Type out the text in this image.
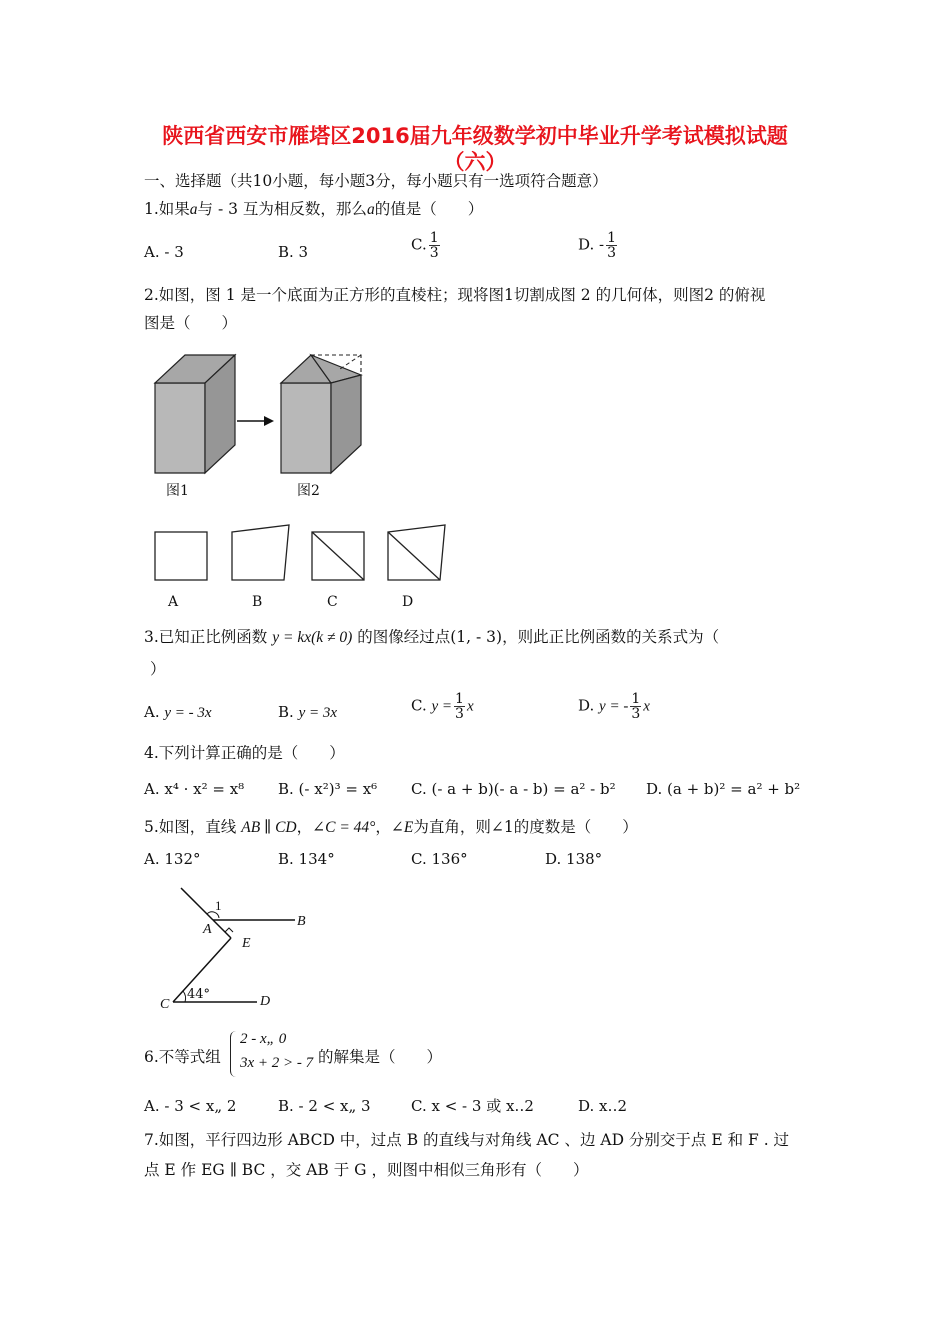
陕西省西安市雁塔区2016届九年级数学初中毕业升学考试模拟试题
（六）
一、选择题（共10小题，每小题3分，每小题只有一选项符合题意）
1.如果a与 - 3 互为相反数，那么a的值是（　　）
A. - 3	B. 3	C. $\frac{1}{3}$	D. - $\frac{1}{3}$
2.如图，图 1 是一个底面为正方形的直棱柱；现将图1切割成图 2 的几何体，则图2 的俯视
图是（　　）
图1	图2
A	B	C	D
3.已知正比例函数 y = kx(k ≠ 0) 的图像经过点(1, - 3)，则此正比例函数的关系式为（
）
A. y = - 3x	B. y = 3x	C. $y = \frac{1}{3}$ x	D. y = - $\frac{1}{3}$ x
4.下列计算正确的是（　　）
A. x⁴ · x² = x⁸ B. (- x²)³ = x⁶ C. (- a + b)(- a - b) = a² - b² D. (a + b)² = a² + b²
5.如图，直线 AB ∥ CD，∠C = 44°，∠E为直角，则∠1的度数是（　　）
A. 132°	B. 134°	C. 136°	D. 138°
1
A
B
E
C	D
44°
6.不等式组
2 - x„ 0
3x + 2 > - 7 的解集是（　　）
A. - 3 < x„ 2	B. - 2 < x„ 3	C. x < - 3 或 x‥2	D. x‥2
7.如图，平行四边形 ABCD 中，过点 B 的直线与对角线 AC 、边 AD 分别交于点 E 和 F . 过
点 E 作 EG ∥ BC ，交 AB 于 G ，则图中相似三角形有（　　）
